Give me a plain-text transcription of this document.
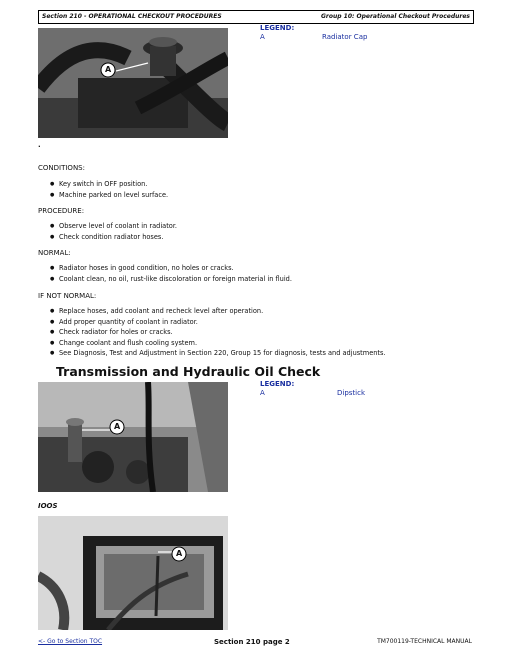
Section 210 - OPERATIONAL CHECKOUT PROCEDURES	Group 10: Operational Checkout Procedures
A
LEGEND:
A	Radiator Cap
·
CONDITIONS:
● Key switch in OFF position.
● Machine parked on level surface.
PROCEDURE:
● Observe level of coolant in radiator.
● Check condition radiator hoses.
NORMAL:
● Radiator hoses in good condition, no holes or cracks.
● Coolant clean, no oil, rust-like discoloration or foreign material in fluid.
IF NOT NORMAL:
● Replace hoses, add coolant and recheck level after operation.
● Add proper quantity of coolant in radiator.
● Check radiator for holes or cracks.
● Change coolant and flush cooling system.
● See Diagnosis, Test and Adjustment in Section 220, Group 15 for diagnosis, tests and adjustments.
Transmission and Hydraulic Oil Check
A
LEGEND:
A	Dipstick
IOOS
A
<- Go to Section TOC	Section 210 page 2	TM700119-TECHNICAL MANUAL
